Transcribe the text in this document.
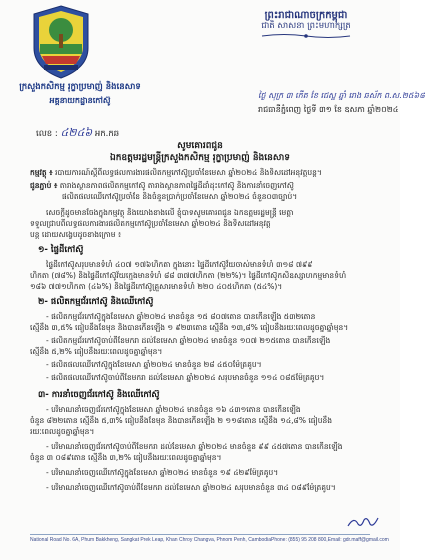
ព្រះរាជាណាចក្រកម្ពុជា
ជាតិ សាសនា ព្រះមហាក្សត្រ
ក្រសួងកសិកម្ម រុក្ខាប្រមាញ់ និងនេសាទ
អគ្គនាយកដ្ឋានកៅស៊ូ
លេខ : ៤២៤៦ អក.កឆ
ថ្ងៃ សុក្រ ៣ កើត ខែ ជេស្ឋ ឆ្នាំ រោង ឆស័ក ព.ស.២៥៦៨
រាជធានីភ្នំពេញ ថ្ងៃទី ៣១ ខែ ឧសភា ឆ្នាំ២០២៤
សូមគោរពជូន
ឯកឧត្តមរដ្ឋមន្ត្រីក្រសួងកសិកម្ម រុក្ខាប្រមាញ់ និងនេសាទ
កម្មវត្ថុ ៖ របាយការណ៍ស្ដីពីលទ្ធផលការងារផលិតកម្មកៅស៊ូប្រចាំខែមេសា ឆ្នាំ២០២៤ និងទិសដៅអនុវត្តបន្ត។
ជូនភ្ជាប់ ៖ តារាងស្ថានភាពផលិតកម្មកៅស៊ូ តារាងស្ថានភាពផ្ទៃដីដាំដុះកៅស៊ូ និងការនាំចេញកៅស៊ូ
ផលិតផលឈើកៅស៊ូប្រចាំខែ និងចំនួនប្រាក់ប្រចាំខែមេសា ឆ្នាំ២០២៤ ចំនួន០៣ច្បាប់។
សេចក្ដីដូចមានចែងក្នុងកម្មវត្ថុ និងយោងខាងលើ ខ្ញុំបាទសូមគោរពជូន ឯកឧត្តមរដ្ឋមន្ត្រី មេត្តា
ទទួលជ្រាបពីលទ្ធផលការងារផលិតកម្មកៅស៊ូប្រចាំខែមេសា ឆ្នាំ២០២៤ និងទិសដៅអនុវត្ត
បន្ត ដោយសង្ខេបដូចខាងក្រោម ៖
១- ផ្ទៃដីកៅស៊ូ
ផ្ទៃដីកៅស៊ូសរុបមានទំហំ ៤០៧ ១៧៦ហិកតា ក្នុងនោះ ផ្ទៃដីកៅស៊ូវ័យចាស់មានទំហំ ៣១៨ ៧៩៩
ហិកតា (៧៨%) និងផ្ទៃដីកៅស៊ូវ័យក្មេងមានទំហំ ៨៨ ៣៧៧ហិកតា (២២%)។ ផ្ទៃដីកៅស៊ូកសិឧស្សាហកម្មមានទំហំ
១៨៦ ៧៧១ហិកតា (៤៦%) និងផ្ទៃដីកៅស៊ូគ្រួសារមានទំហំ ២២០ ៤០៥ហិកតា (៥៤%)។
២- ផលិតកម្មជ័រកៅស៊ូ និងឈើកៅស៊ូ
- ផលិតកម្មជ័រកៅស៊ូក្នុងខែមេសា ឆ្នាំ២០២៤ មានចំនួន ១៥ ៨០៧តោន បានកើនឡើង ៥៣២តោន
ស្មើនឹង ៣,៥% ធៀបនឹងខែមុន និងបានកើនឡើង ១ ៩២៣តោន ស្មើនឹង ១៣,៨% ធៀបនឹងរយៈពេលដូចគ្នាឆ្នាំមុន។
- ផលិតកម្មជ័រកៅស៊ូចាប់ពីខែមករា ដល់ខែមេសា ឆ្នាំ២០២៤ មានចំនួន ១០៧ ២១៥តោន បានកើនឡើង
ស្មើនឹង ៥,២% ធៀបនឹងរយៈពេលដូចគ្នាឆ្នាំមុន។
- ផលិតផលឈើកៅស៊ូក្នុងខែមេសា ឆ្នាំ២០២៤ មានចំនួន ២៨ ៤៥០ម៉ែត្រគូប។
- ផលិតផលឈើកៅស៊ូចាប់ពីខែមករា ដល់ខែមេសា ឆ្នាំ២០២៤ សរុបមានចំនួន ១១៤ ០៨៥ម៉ែត្រគូប។
៣- ការនាំចេញជ័រកៅស៊ូ និងឈើកៅស៊ូ
- បរិមាណនាំចេញជ័រកៅស៊ូក្នុងខែមេសា ឆ្នាំ២០២៤ មានចំនួន ១៦ ៤៣១តោន បានកើនឡើង
ចំនួន ៨២២តោន ស្មើនឹង ៥,៣% ធៀបនឹងខែមុន និងបានកើនឡើង ២ ១១៨តោន ស្មើនឹង ១៤,៨% ធៀបនឹង
រយៈពេលដូចគ្នាឆ្នាំមុន។
- បរិមាណនាំចេញជ័រកៅស៊ូចាប់ពីខែមករា ដល់ខែមេសា ឆ្នាំ២០២៤ មានចំនួន ៩៩ ៤៥៧តោន បានកើនឡើង
ចំនួន ៣ ០៨៩តោន ស្មើនឹង ៣,២% ធៀបនឹងរយៈពេលដូចគ្នាឆ្នាំមុន។
- បរិមាណនាំចេញឈើកៅស៊ូក្នុងខែមេសា ឆ្នាំ២០២៤ មានចំនួន ១៩ ៤២៩ម៉ែត្រគូប។
- បរិមាណនាំចេញឈើកៅស៊ូចាប់ពីខែមករា ដល់ខែមេសា ឆ្នាំ២០២៤ សរុបមានចំនួន ៣៤ ០៨៩ម៉ែត្រគូប។
National Road No. 6A, Phum Bakkheng, Sangkat Prek Leap, Khan Chroy Changva, Phnom Penh, Cambodia Phone: (855) 95 208 800, Email: gdr.maff@gmail.com
